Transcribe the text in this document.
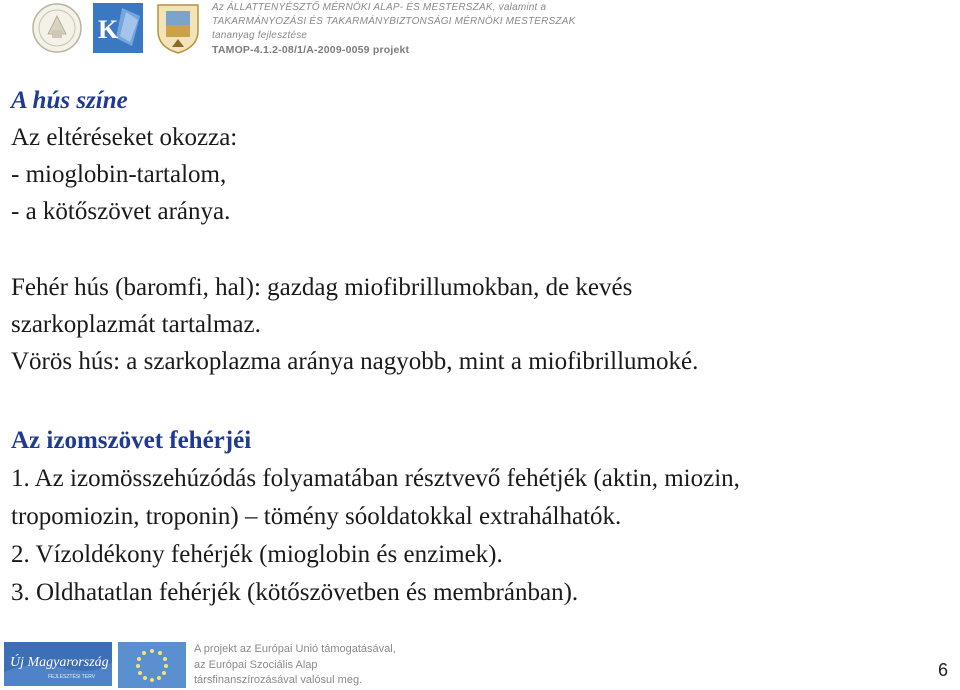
K
Az ÁLLATTENYÉSZTŐ MÉRNÖKI ALAP- ÉS MESTERSZAK, valamint a
TAKARMÁNYOZÁSI ÉS TAKARMÁNYBIZTONSÁGI MÉRNÖKI MESTERSZAK
tananyag fejlesztése
TAMOP-4.1.2-08/1/A-2009-0059 projekt
A hús színe
Az eltéréseket okozza:
- mioglobin-tartalom,
- a kötőszövet aránya.
Fehér hús (baromfi, hal): gazdag miofibrillumokban, de kevés
szarkoplazmát tartalmaz.
Vörös hús: a szarkoplazma aránya nagyobb, mint a miofibrillumoké.
Az izomszövet fehérjéi
1. Az izomösszehúzódás folyamatában résztvevő fehétjék (aktin, miozin,
tropomiozin, troponin) – tömény sóoldatokkal extrahálhatók.
2. Vízoldékony fehérjék (mioglobin és enzimek).
3. Oldhatatlan fehérjék (kötőszövetben és membránban).
Új Magyarország
FEJLESZTÉSI TERV
A projekt az Európai Unió támogatásával,
az Európai Szociális Alap
társfinanszírozásával valósul meg.	6
